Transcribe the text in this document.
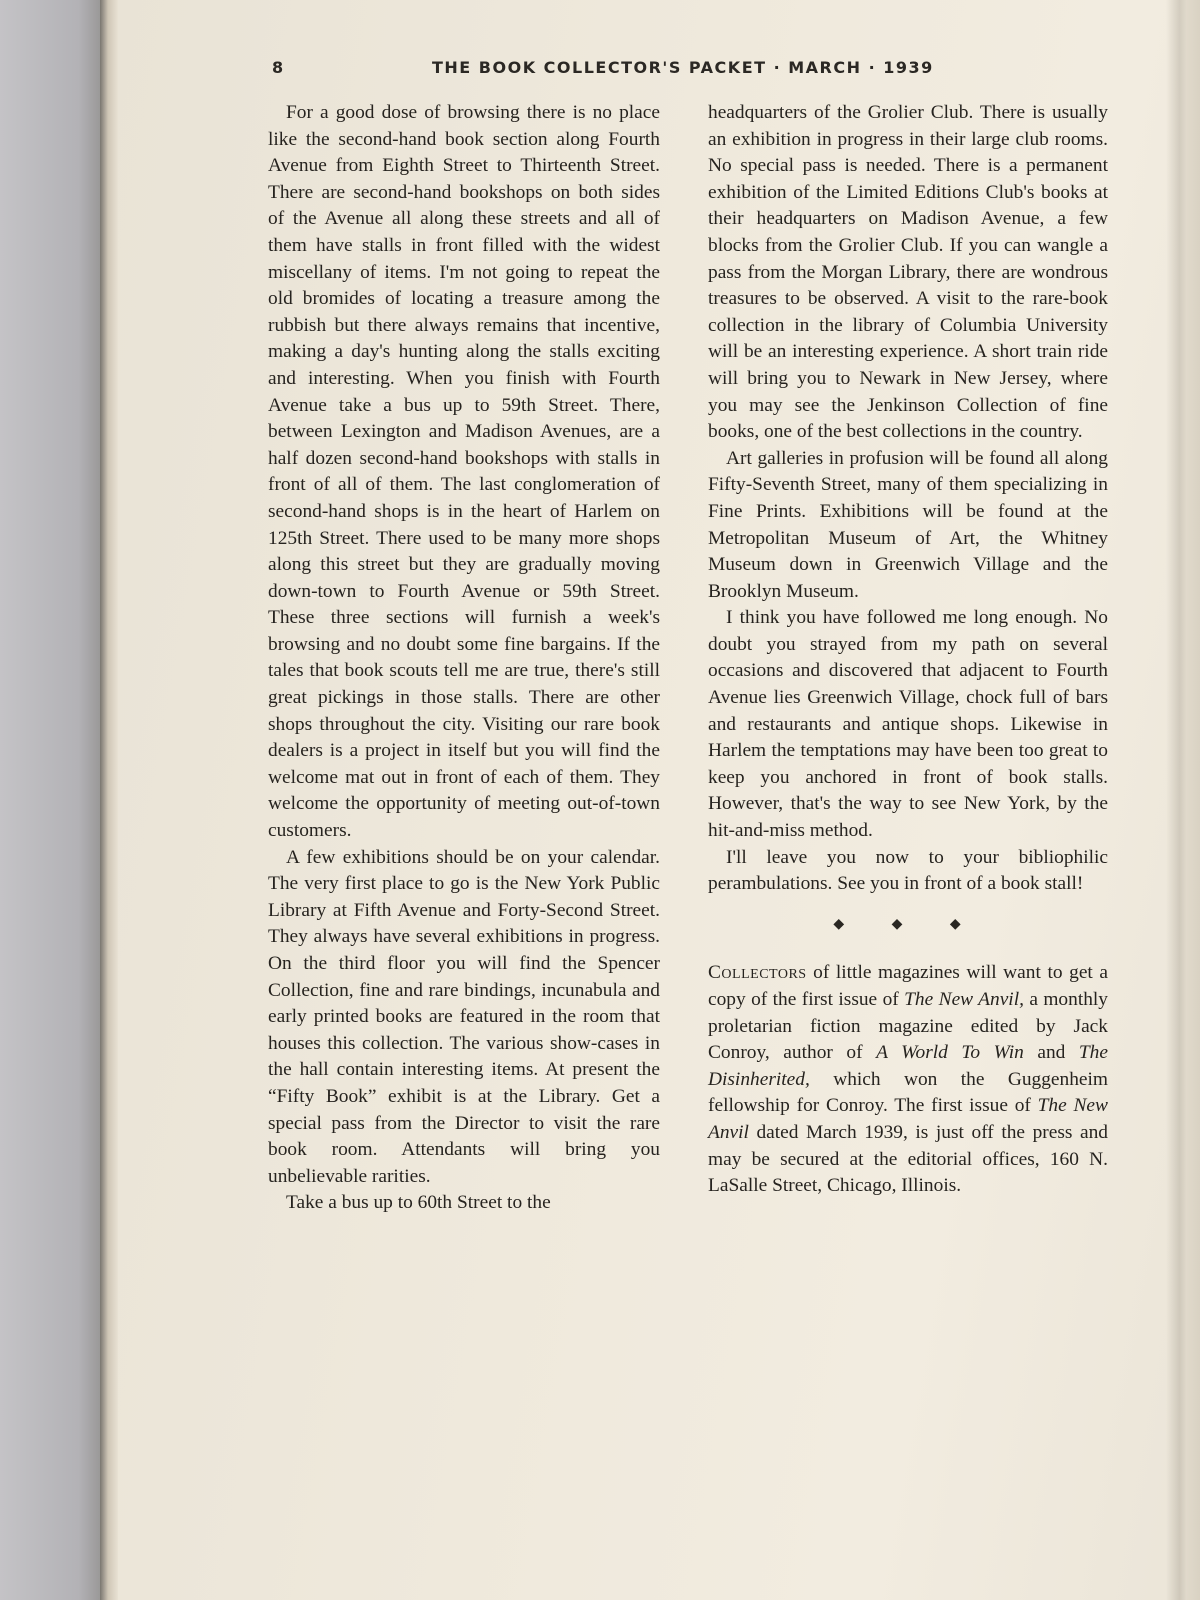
8	THE BOOK COLLECTOR'S PACKET · MARCH · 1939

For a good dose of browsing there is no place like the second-hand book section along Fourth Avenue from Eighth Street to Thirteenth Street. There are second-hand bookshops on both sides of the Avenue all along these streets and all of them have stalls in front filled with the widest miscellany of items. I'm not going to repeat the old bromides of locating a treasure among the rubbish but there always remains that incentive, making a day's hunting along the stalls exciting and interesting. When you finish with Fourth Avenue take a bus up to 59th Street. There, between Lexington and Madison Avenues, are a half dozen second-hand bookshops with stalls in front of all of them. The last conglomeration of second-hand shops is in the heart of Harlem on 125th Street. There used to be many more shops along this street but they are gradually moving down-town to Fourth Avenue or 59th Street. These three sections will furnish a week's browsing and no doubt some fine bargains. If the tales that book scouts tell me are true, there's still great pickings in those stalls. There are other shops throughout the city. Visiting our rare book dealers is a project in itself but you will find the welcome mat out in front of each of them. They welcome the opportunity of meeting out-of-town customers.

A few exhibitions should be on your calendar. The very first place to go is the New York Public Library at Fifth Avenue and Forty-Second Street. They always have several exhibitions in progress. On the third floor you will find the Spencer Collection, fine and rare bindings, incunabula and early printed books are featured in the room that houses this collection. The various show-cases in the hall contain interesting items. At present the “Fifty Book” exhibit is at the Library. Get a special pass from the Director to visit the rare book room. Attendants will bring you unbelievable rarities.

Take a bus up to 60th Street to the

headquarters of the Grolier Club. There is usually an exhibition in progress in their large club rooms. No special pass is needed. There is a permanent exhibition of the Limited Editions Club's books at their headquarters on Madison Avenue, a few blocks from the Grolier Club. If you can wangle a pass from the Morgan Library, there are wondrous treasures to be observed. A visit to the rare-book collection in the library of Columbia University will be an interesting experience. A short train ride will bring you to Newark in New Jersey, where you may see the Jenkinson Collection of fine books, one of the best collections in the country.

Art galleries in profusion will be found all along Fifty-Seventh Street, many of them specializing in Fine Prints. Exhibitions will be found at the Metropolitan Museum of Art, the Whitney Museum down in Greenwich Village and the Brooklyn Museum.

I think you have followed me long enough. No doubt you strayed from my path on several occasions and discovered that adjacent to Fourth Avenue lies Greenwich Village, chock full of bars and restaurants and antique shops. Likewise in Harlem the temptations may have been too great to keep you anchored in front of book stalls. However, that's the way to see New York, by the hit-and-miss method.

I'll leave you now to your bibliophilic perambulations. See you in front of a book stall!

◆ ◆ ◆

Collectors of little magazines will want to get a copy of the first issue of The New Anvil, a monthly proletarian fiction magazine edited by Jack Conroy, author of A World To Win and The Disinherited, which won the Guggenheim fellowship for Conroy. The first issue of The New Anvil dated March 1939, is just off the press and may be secured at the editorial offices, 160 N. LaSalle Street, Chicago, Illinois.
